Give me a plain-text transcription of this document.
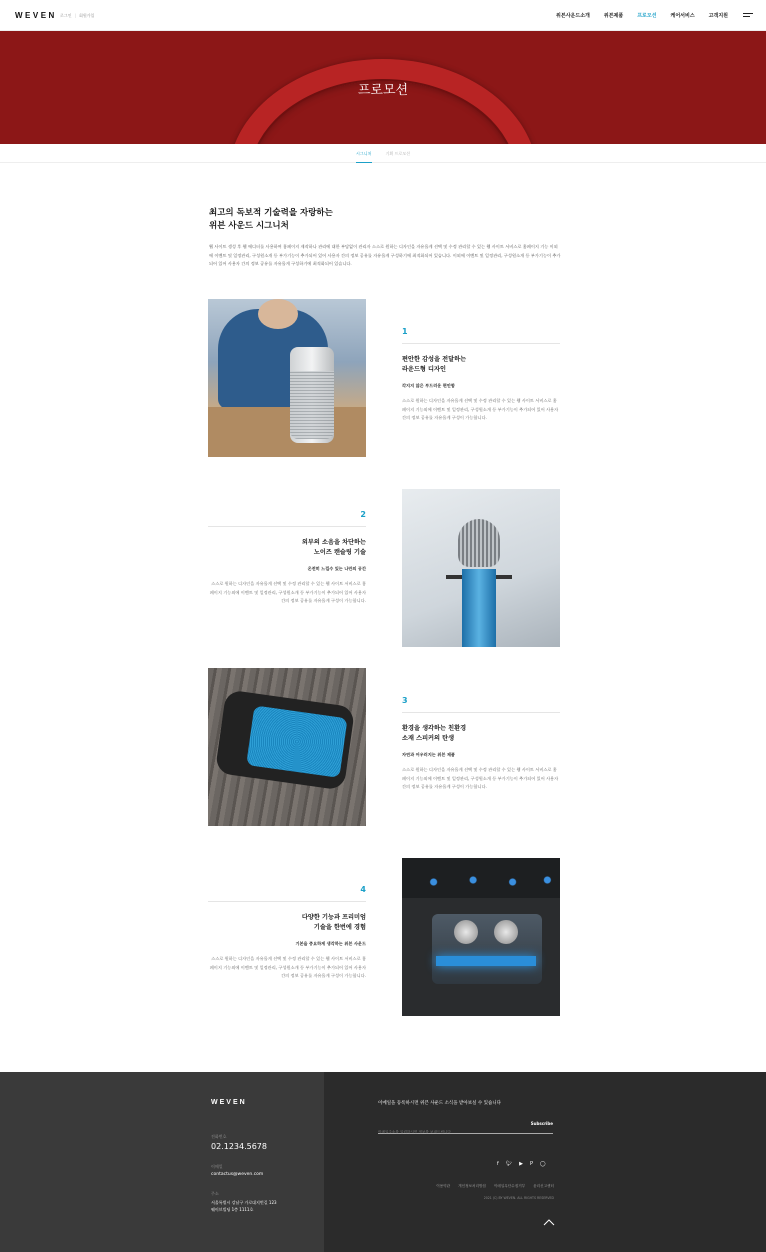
WEVEN 로그인 | 회원가입	위븐사운드소개	위븐제품	프로모션	케어서비스	고객지원
프로모션
시그니처	기획 프로모션
최고의 독보적 기술력을 자랑하는
위븐 사운드 시그니처
웹 사이트 생성 후 웹 에디터를 사용하여 홈페이지 제작하나 관리에 대한 부담없이 관리자 스스로 원하는 디자인을 자유롭게 선택 및 수정 관리할 수 있는 웹 사이트 서비스로 홈페이지 기능 이외에 이벤트 및 일정관리, 구성원소개 등 부가기능이 추가되어 있어 사용자 간의 정보 공유를 자유롭게 구성하기에 최적화되어 있습니다. 이외에 이벤트 및 일정관리, 구성원소개 등 부가기능이 추가되어 있어 사용자 간의 정보 공유를 자유롭게 구성하기에 최적화되어 있습니다.
1
편안한 감성을 전달하는
라운드형 디자인
각지지 않은 부드러운 편안함
스스로 원하는 디자인을 자유롭게 선택 및 수정 관리할 수 있는 웹 사이트 서비스로 홈페이지 기능외에 이벤트 및 일정관리, 구성원소개 등 부가기능이 추가되어 있어 사용자 간의 정보 공유를 자유롭게 구성이 가능합니다.
2
외부의 소음을 차단하는
노이즈 캔슬링 기술
온전히 느낄수 있는 나만의 공간
스스로 원하는 디자인을 자유롭게 선택 및 수정 관리할 수 있는 웹 사이트 서비스로 홈페이지 기능외에 이벤트 및 일정관리, 구성원소개 등 부가기능이 추가되어 있어 사용자 간의 정보 공유를 자유롭게 구성이 가능합니다.
3
환경을 생각하는 친환경
소재 스피커의 탄생
자연과 어우러지는 위븐 제품
스스로 원하는 디자인을 자유롭게 선택 및 수정 관리할 수 있는 웹 사이트 서비스로 홈페이지 기능외에 이벤트 및 일정관리, 구성원소개 등 부가기능이 추가되어 있어 사용자 간의 정보 공유를 자유롭게 구성이 가능합니다.
4
다양한 기능과 프리미엄
기술을 한번에 경험
기본을 중요하게 생각하는 위븐 사운드
스스로 원하는 디자인을 자유롭게 선택 및 수정 관리할 수 있는 웹 사이트 서비스로 홈페이지 기능외에 이벤트 및 일정관리, 구성원소개 등 부가기능이 추가되어 있어 사용자 간의 정보 공유를 자유롭게 구성이 가능합니다.
WEVEN
전화번호
02.1234.5678
이메일
contactus@weven.com
주소
서울특별시 강남구 가로대지번길 123
웨이브빌딩 1층 1111호
이메일을 등록하시면 위븐 사운드 소식을 받아보실 수 있습니다
이메일주소를 입력하시면 정보를 보내드립니다
Subscribe
f 🐦︎ ▶ P ◯
이용약관 개인정보처리방침 이메일무단수집거부 윤리신고센터
2021 (C) BY WEVEN. ALL RIGHTS RESERVED
